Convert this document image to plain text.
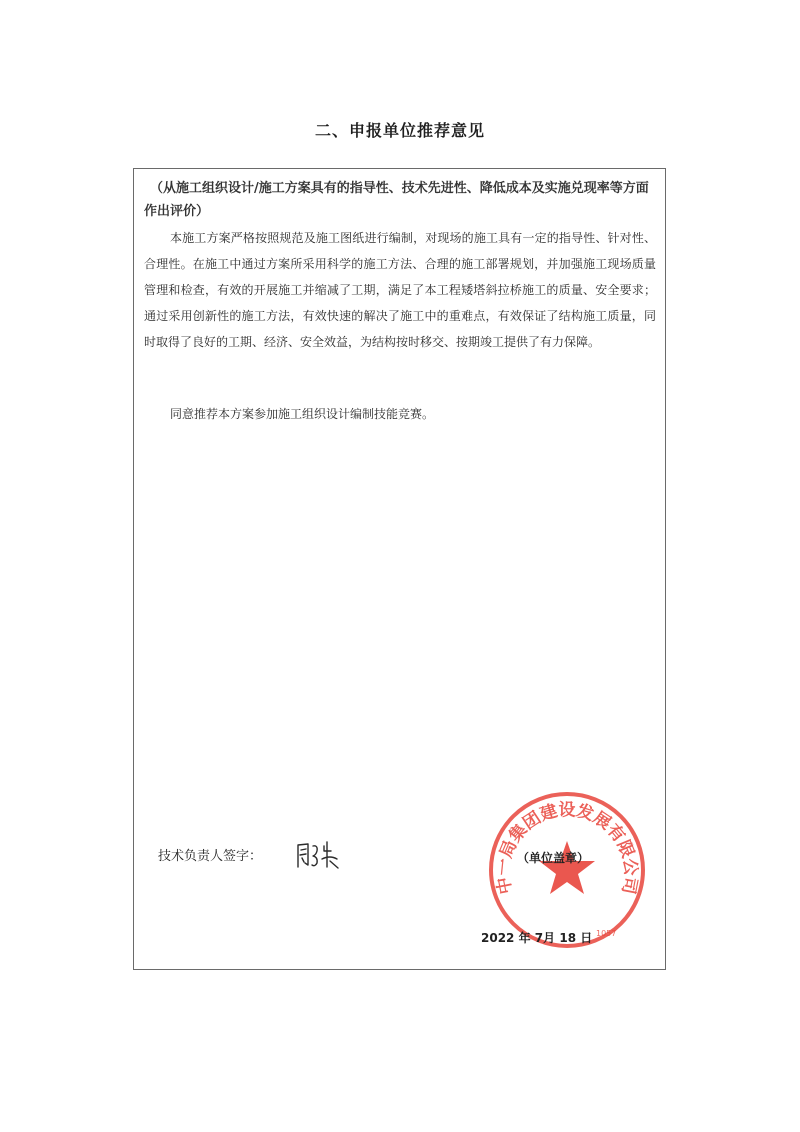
二、申报单位推荐意见
（从施工组织设计/施工方案具有的指导性、技术先进性、降低成本及实施兑现率等方面
作出评价）
本施工方案严格按照规范及施工图纸进行编制，对现场的施工具有一定的指导性、针对性、合理性。在施工中通过方案所采用科学的施工方法、合理的施工部署规划，并加强施工现场质量管理和检查，有效的开展施工并缩减了工期，满足了本工程矮塔斜拉桥施工的质量、安全要求；通过采用创新性的施工方法，有效快速的解决了施工中的重难点，有效保证了结构施工质量，同时取得了良好的工期、经济、安全效益，为结构按时移交、按期竣工提供了有力保障。
同意推荐本方案参加施工组织设计编制技能竞赛。
技术负责人签字：
中一局集团建设发展有限公司
1057
（单位盖章）
2022 年 7月 18 日
